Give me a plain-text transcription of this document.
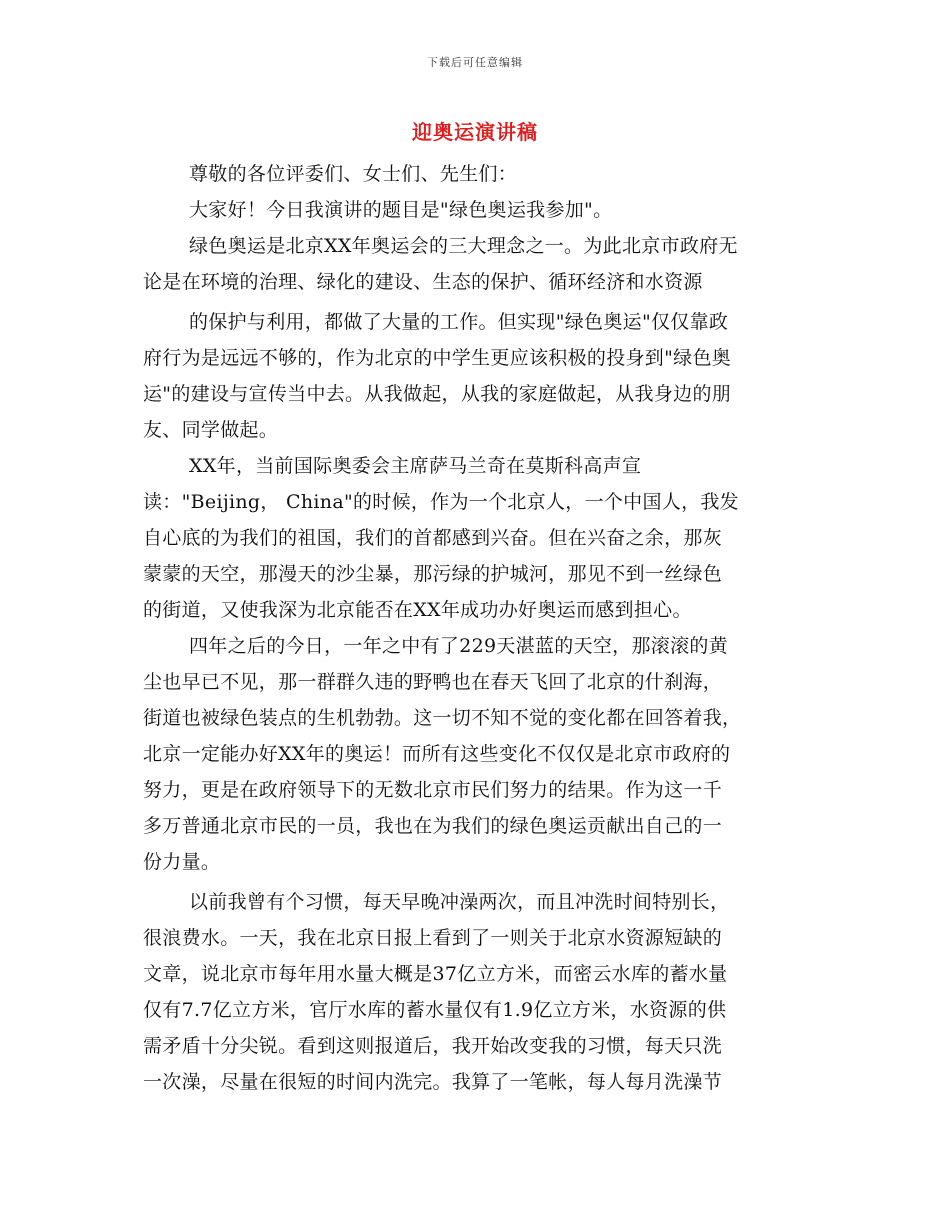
下载后可任意编辑
迎奥运演讲稿
尊敬的各位评委们、女士们、先生们：
大家好！今日我演讲的题目是"绿色奥运我参加"。
绿色奥运是北京XX年奥运会的三大理念之一。为此北京市政府无
论是在环境的治理、绿化的建设、生态的保护、循环经济和水资源
的保护与利用，都做了大量的工作。但实现"绿色奥运"仅仅靠政
府行为是远远不够的，作为北京的中学生更应该积极的投身到"绿色奥
运"的建设与宣传当中去。从我做起，从我的家庭做起，从我身边的朋
友、同学做起。
XX年，当前国际奥委会主席萨马兰奇在莫斯科高声宣
读："Beijing， China"的时候，作为一个北京人，一个中国人，我发
自心底的为我们的祖国，我们的首都感到兴奋。但在兴奋之余，那灰
蒙蒙的天空，那漫天的沙尘暴，那污绿的护城河，那见不到一丝绿色
的街道，又使我深为北京能否在XX年成功办好奥运而感到担心。
四年之后的今日，一年之中有了229天湛蓝的天空，那滚滚的黄
尘也早已不见，那一群群久违的野鸭也在春天飞回了北京的什刹海，
街道也被绿色装点的生机勃勃。这一切不知不觉的变化都在回答着我，
北京一定能办好XX年的奥运！而所有这些变化不仅仅是北京市政府的
努力，更是在政府领导下的无数北京市民们努力的结果。作为这一千
多万普通北京市民的一员，我也在为我们的绿色奥运贡献出自己的一
份力量。
以前我曾有个习惯，每天早晚冲澡两次，而且冲洗时间特别长，
很浪费水。一天，我在北京日报上看到了一则关于北京水资源短缺的
文章，说北京市每年用水量大概是37亿立方米，而密云水库的蓄水量
仅有7.7亿立方米，官厅水库的蓄水量仅有1.9亿立方米，水资源的供
需矛盾十分尖锐。看到这则报道后，我开始改变我的习惯，每天只洗
一次澡，尽量在很短的时间内洗完。我算了一笔帐，每人每月洗澡节
